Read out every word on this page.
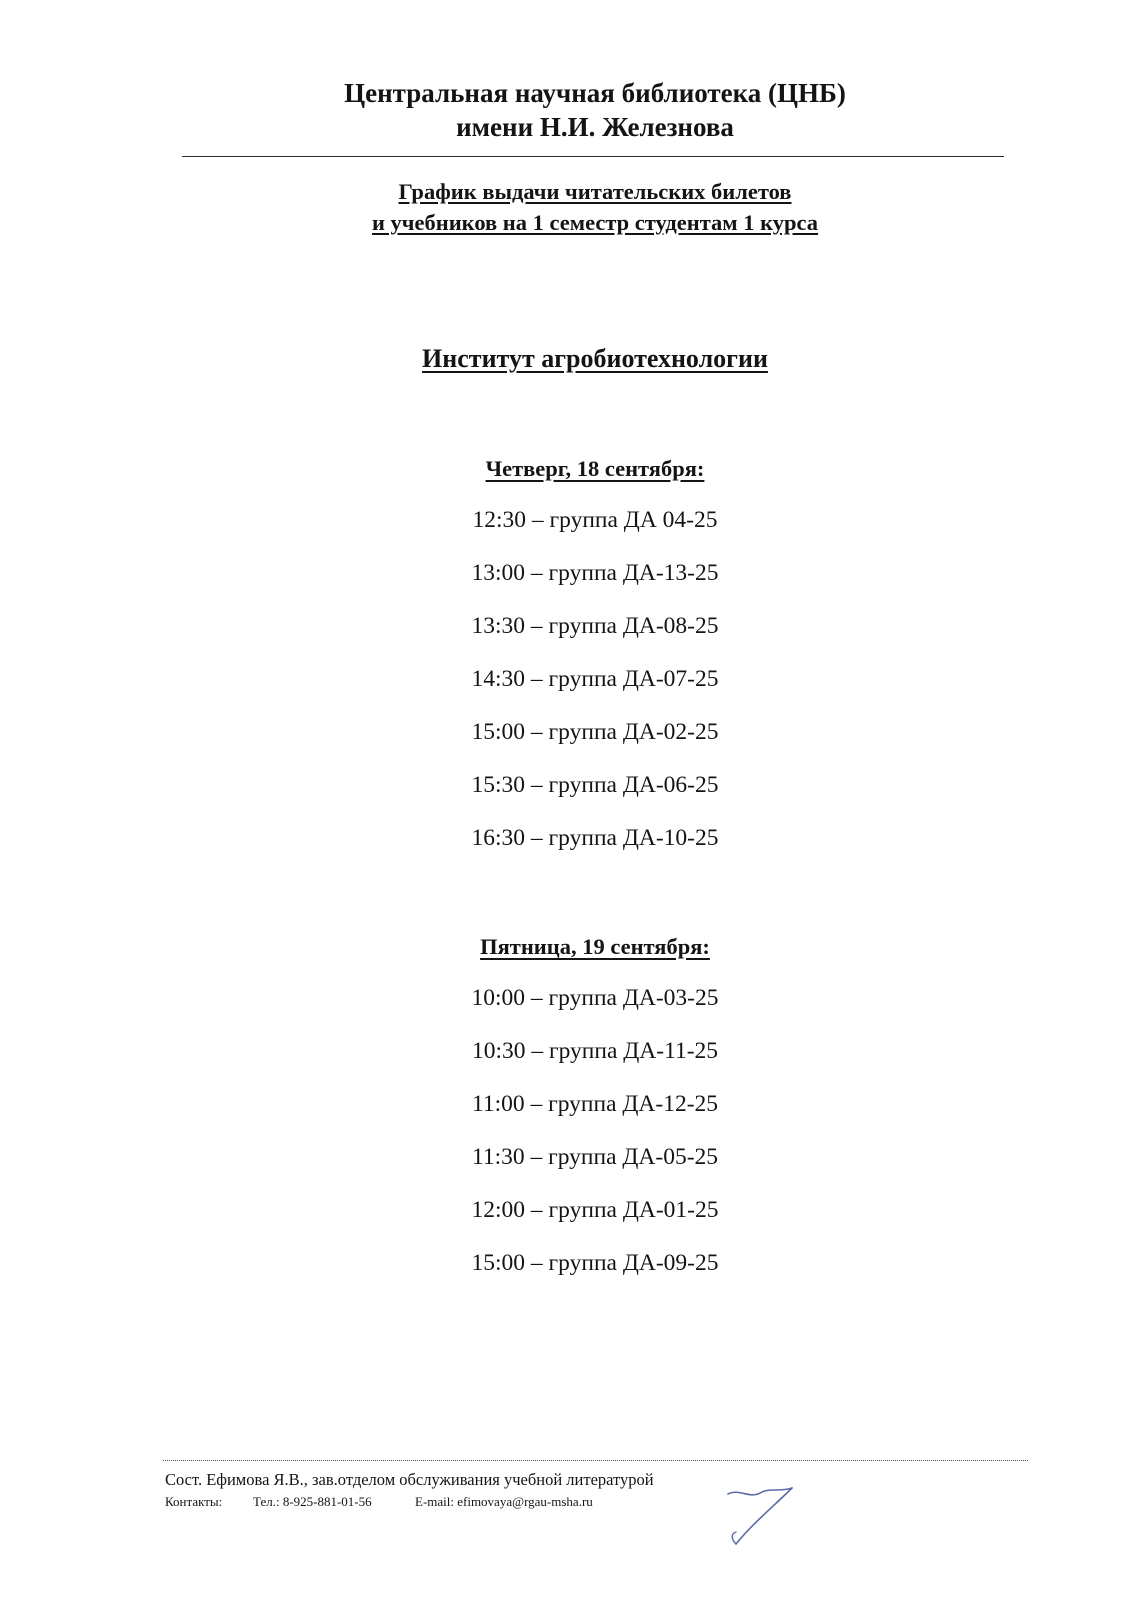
Центральная научная библиотека (ЦНБ)
имени Н.И. Железнова
График выдачи читательских билетов
и учебников на 1 семестр студентам 1 курса
Институт агробиотехнологии
Четверг, 18 сентября:
12:30 – группа ДА 04-25
13:00 – группа ДА-13-25
13:30 – группа ДА-08-25
14:30 – группа ДА-07-25
15:00 – группа ДА-02-25
15:30 – группа ДА-06-25
16:30 – группа ДА-10-25
Пятница, 19 сентября:
10:00 – группа ДА-03-25
10:30 – группа ДА-11-25
11:00 – группа ДА-12-25
11:30 – группа ДА-05-25
12:00 – группа ДА-01-25
15:00 – группа ДА-09-25
Сост. Ефимова Я.В., зав.отделом обслуживания учебной литературой
Контакты: Тел.: 8-925-881-01-56	E-mail: efimovaya@rgau-msha.ru
